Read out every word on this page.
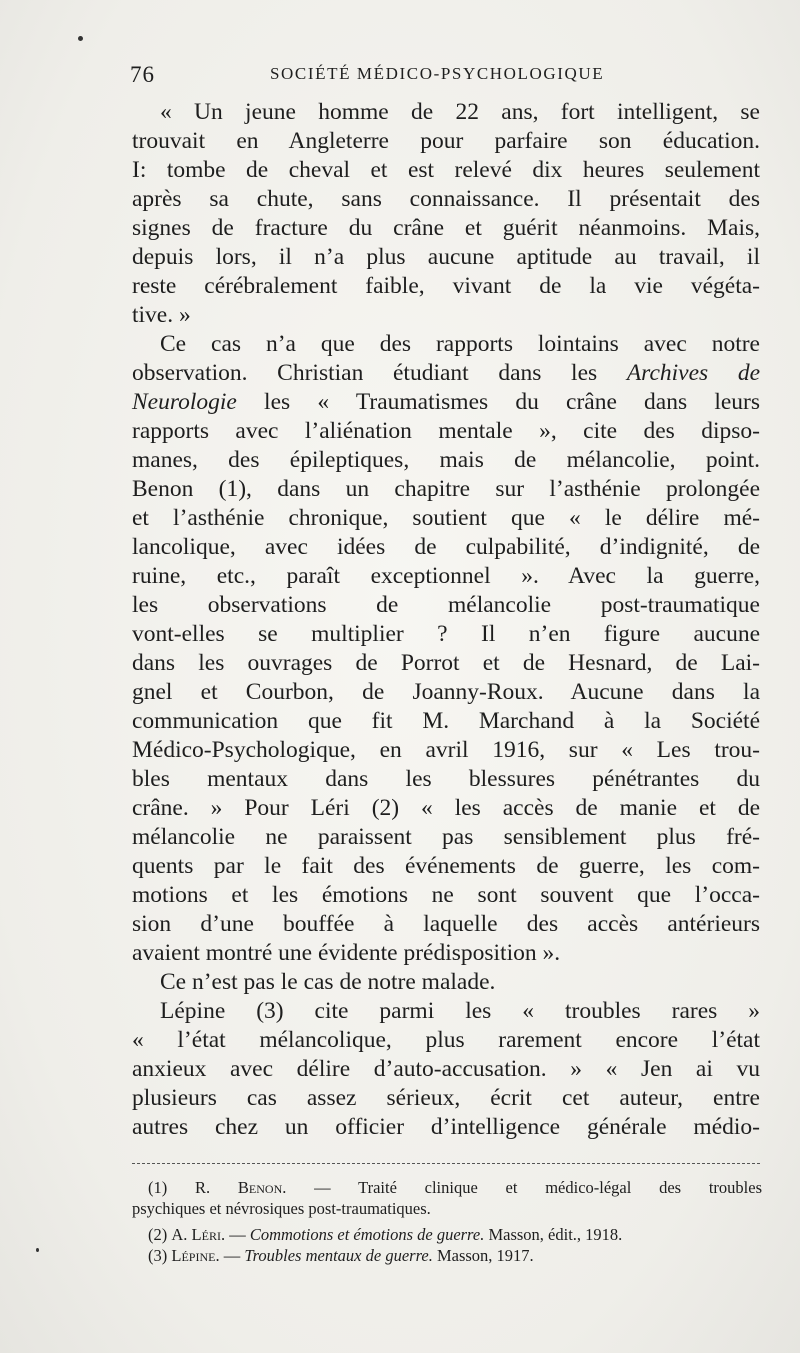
76	SOCIÉTÉ MÉDICO-PSYCHOLOGIQUE
« Un jeune homme de 22 ans, fort intelligent, se
trouvait en Angleterre pour parfaire son éducation.
I: tombe de cheval et est relevé dix heures seulement
après sa chute, sans connaissance. Il présentait des
signes de fracture du crâne et guérit néanmoins. Mais,
depuis lors, il n’a plus aucune aptitude au travail, il
reste cérébralement faible, vivant de la vie végéta-
tive. »
Ce cas n’a que des rapports lointains avec notre
observation. Christian étudiant dans les Archives de
Neurologie les « Traumatismes du crâne dans leurs
rapports avec l’aliénation mentale », cite des dipso-
manes, des épileptiques, mais de mélancolie, point.
Benon (1), dans un chapitre sur l’asthénie prolongée
et l’asthénie chronique, soutient que « le délire mé-
lancolique, avec idées de culpabilité, d’indignité, de
ruine, etc., paraît exceptionnel ». Avec la guerre,
les observations de mélancolie post-traumatique
vont-elles se multiplier ? Il n’en figure aucune
dans les ouvrages de Porrot et de Hesnard, de Lai-
gnel et Courbon, de Joanny-Roux. Aucune dans la
communication que fit M. Marchand à la Société
Médico-Psychologique, en avril 1916, sur « Les trou-
bles mentaux dans les blessures pénétrantes du
crâne. » Pour Léri (2) « les accès de manie et de
mélancolie ne paraissent pas sensiblement plus fré-
quents par le fait des événements de guerre, les com-
motions et les émotions ne sont souvent que l’occa-
sion d’une bouffée à laquelle des accès antérieurs
avaient montré une évidente prédisposition ».
Ce n’est pas le cas de notre malade.
Lépine (3) cite parmi les « troubles rares »
« l’état mélancolique, plus rarement encore l’état
anxieux avec délire d’auto-accusation. » « Jen ai vu
plusieurs cas assez sérieux, écrit cet auteur, entre
autres chez un officier d’intelligence générale médio-
(1) R. Benon. — Traité clinique et médico-légal des troubles
psychiques et névrosiques post-traumatiques.
(2) A. Léri. — Commotions et émotions de guerre. Masson, édit., 1918.
(3) Lépine. — Troubles mentaux de guerre. Masson, 1917.
